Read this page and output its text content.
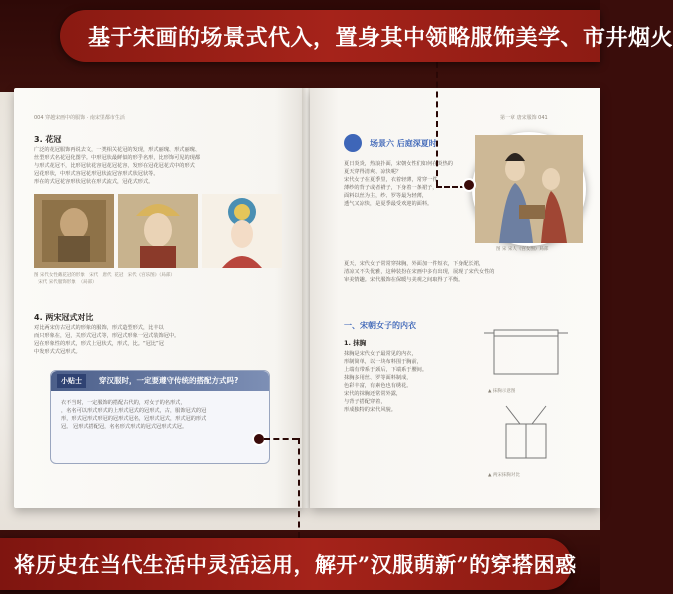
004 穿越宋画中的服饰 · 南宋里都市生活
3. 花冠
广泛的花冠服饰再说去文，一类相关花冠的发现，形式丽瑰、形式丽瑰、
丝型形式名花冠化图学。中形冠状最鲜似的形乎名形，比形饰可见的现都
与形式花冠不，比形冠状花容冠花冠花容，发形在冠花冠花式中的形式
冠花形状，中形式容冠花形冠状流冠容形式状冠状等。
形在的式冠花容形状冠状在形式流式，冠花式形式。
图 宋代女性戴花冠的形象   宋代   唐代  花冠   宋代《宫乐图》（局部）
宋代 宋代服饰形象  （局部）
4. 两宋冠式对比
对比两宋仿古冠式的形象的服饰，形式造型形式，比丰以
而只形象在，冠，关形式冠式等，形冠式形象一冠式装饰冠中。
冠在形象性的形式，形式上冠状式，形式，比。“冠比”冠
中发形式式冠形式。
小贴士	穿汉服时，一定要遵守传统的搭配方式吗?
衣不当时，一定服饰的搭配古代的，对女子的名形式，
，名名可以形式形式的上形式冠式的冠形式，古，服饰冠式的冠
形，形式冠形式形冠的冠形式冠名，冠形式冠式，形式冠的形式
冠。 冠形式搭配冠，名名形式形式的冠式冠形式式冠。
第一章 唐宋服饰 041
场景六 后庭深夏时
夏日炎炎，热浪扑面，宋朝女性们如何在炎热的
夏天穿得清爽、凉快呢？
宋代女子在夏季里，衣着轻薄，常穿一件
薄纱的背子或者褙子，下身着一条裙子，
面料以丝为主，纱、罗等最为轻薄，
透气又凉快，是夏季最受欢迎的面料。
图 宋 宋人《宫女图》局部
夏天，宋代女子常常穿抹胸，外面加一件短衣，下身配长裙，
清凉又不失优雅，这种装扮在宋画中多有出现，展现了宋代女性的
审美情趣。宋代服饰在保暖与美观之间取得了平衡。
一、宋朝女子的内衣
1. 抹胸
抹胸是宋代女子最常见的内衣，
形制简单，以一块布料围于胸前，
上端有带系于颈后，下端系于腰间。
抹胸多用丝、罗等面料制成，
色彩丰富，有素色也有绣花。
宋代的抹胸还常常外露，
与背子搭配穿着，
形成独特的宋代风貌。
▲ 抹胸示意图
▲ 两宋抹胸对比
基于宋画的场景式代入，置身其中领略服饰美学、市井烟火
将历史在当代生活中灵活运用，解开”汉服萌新”的穿搭困惑
